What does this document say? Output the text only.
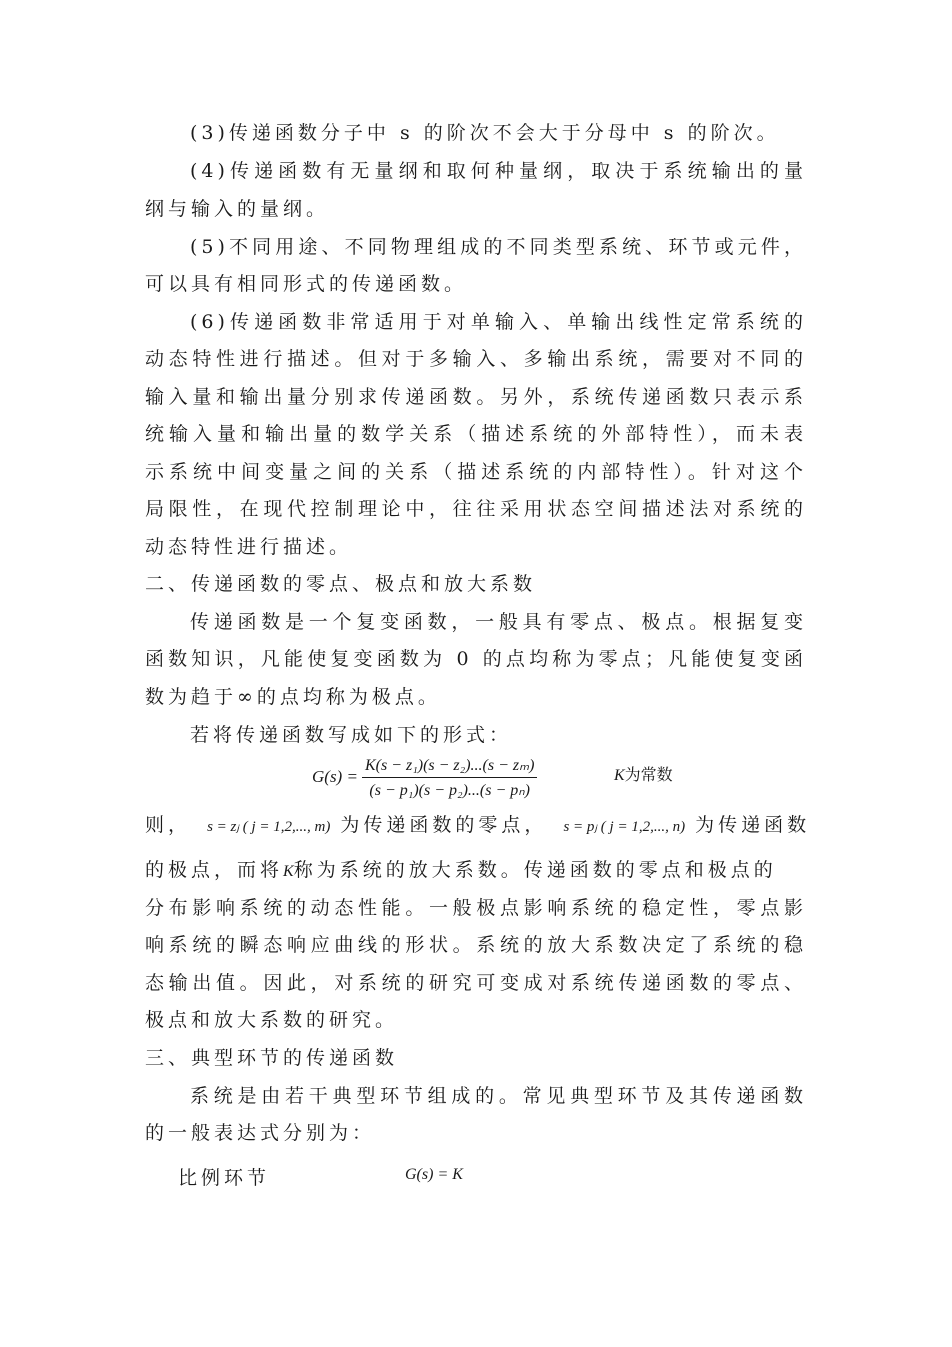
(3)传递函数分子中 s 的阶次不会大于分母中 s 的阶次。
(4)传递函数有无量纲和取何种量纲，取决于系统输出的量
纲与输入的量纲。
(5)不同用途、不同物理组成的不同类型系统、环节或元件，
可以具有相同形式的传递函数。
(6)传递函数非常适用于对单输入、单输出线性定常系统的
动态特性进行描述。但对于多输入、多输出系统，需要对不同的
输入量和输出量分别求传递函数。另外，系统传递函数只表示系
统输入量和输出量的数学关系（描述系统的外部特性），而未表
示系统中间变量之间的关系（描述系统的内部特性）。针对这个
局限性，在现代控制理论中，往往采用状态空间描述法对系统的
动态特性进行描述。
二、传递函数的零点、极点和放大系数
传递函数是一个复变函数，一般具有零点、极点。根据复变
函数知识，凡能使复变函数为 0 的点均称为零点；凡能使复变函
数为趋于∞的点均称为极点。
若将传递函数写成如下的形式：
$G(s) = \frac{\text{K(s − z₁)(s − z₂)...(s − zₘ)}}{\text{(s − p₁)(s − p₂)...(s − pₙ)}}$	K为常数
则， s = zⱼ ( j = 1,2,..., m) 为传递函数的零点， s = pⱼ ( j = 1,2,..., n) 为传递函数
的极点，而将K称为系统的放大系数。传递函数的零点和极点的
分布影响系统的动态性能。一般极点影响系统的稳定性，零点影
响系统的瞬态响应曲线的形状。系统的放大系数决定了系统的稳
态输出值。因此，对系统的研究可变成对系统传递函数的零点、
极点和放大系数的研究。
三、典型环节的传递函数
系统是由若干典型环节组成的。常见典型环节及其传递函数
的一般表达式分别为：
比例环节	G(s) = K
